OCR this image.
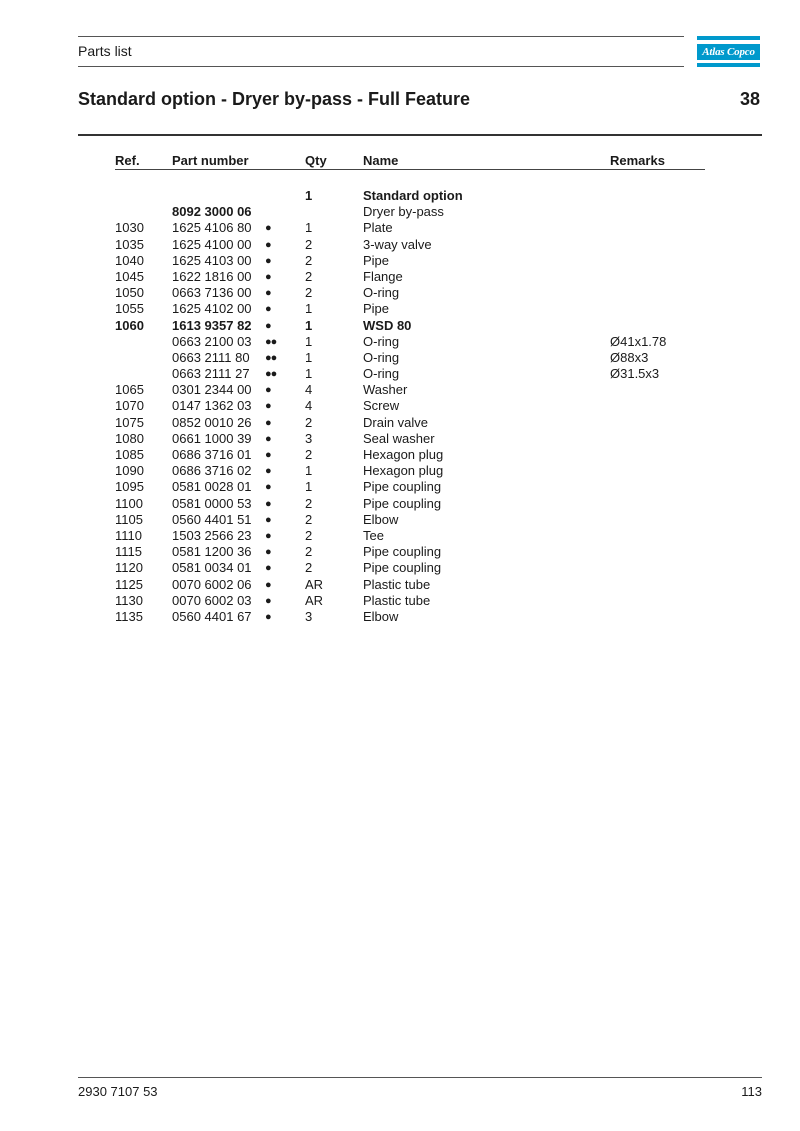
Parts list	Atlas Copco
Standard option - Dryer by-pass - Full Feature	38
Ref. Part number	Qty	Name	Remarks
1	Standard option
8092 3000 06	Dryer by-pass
1030 1625 4106 80 ●	1	Plate
1035 1625 4100 00 ●	2	3-way valve
1040 1625 4103 00 ●	2	Pipe
1045 1622 1816 00 ●	2	Flange
1050 0663 7136 00 ●	2	O-ring
1055 1625 4102 00 ●	1	Pipe
1060 1613 9357 82 ●	1	WSD 80
0663 2100 03 ●● 1	O-ring	Ø41x1.78
0663 2111 80 ●● 1	O-ring	Ø88x3
0663 2111 27 ●● 1	O-ring	Ø31.5x3
1065 0301 2344 00 ●	4	Washer
1070 0147 1362 03 ●	4	Screw
1075 0852 0010 26 ●	2	Drain valve
1080 0661 1000 39 ●	3	Seal washer
1085 0686 3716 01 ●	2	Hexagon plug
1090 0686 3716 02 ●	1	Hexagon plug
1095 0581 0028 01 ●	1	Pipe coupling
1100 0581 0000 53 ●	2	Pipe coupling
1105 0560 4401 51 ●	2	Elbow
1110 1503 2566 23 ●	2	Tee
1115 0581 1200 36 ●	2	Pipe coupling
1120 0581 0034 01 ●	2	Pipe coupling
1125 0070 6002 06 ●	AR	Plastic tube
1130 0070 6002 03 ●	AR	Plastic tube
1135 0560 4401 67 ●	3	Elbow
2930 7107 53	113
